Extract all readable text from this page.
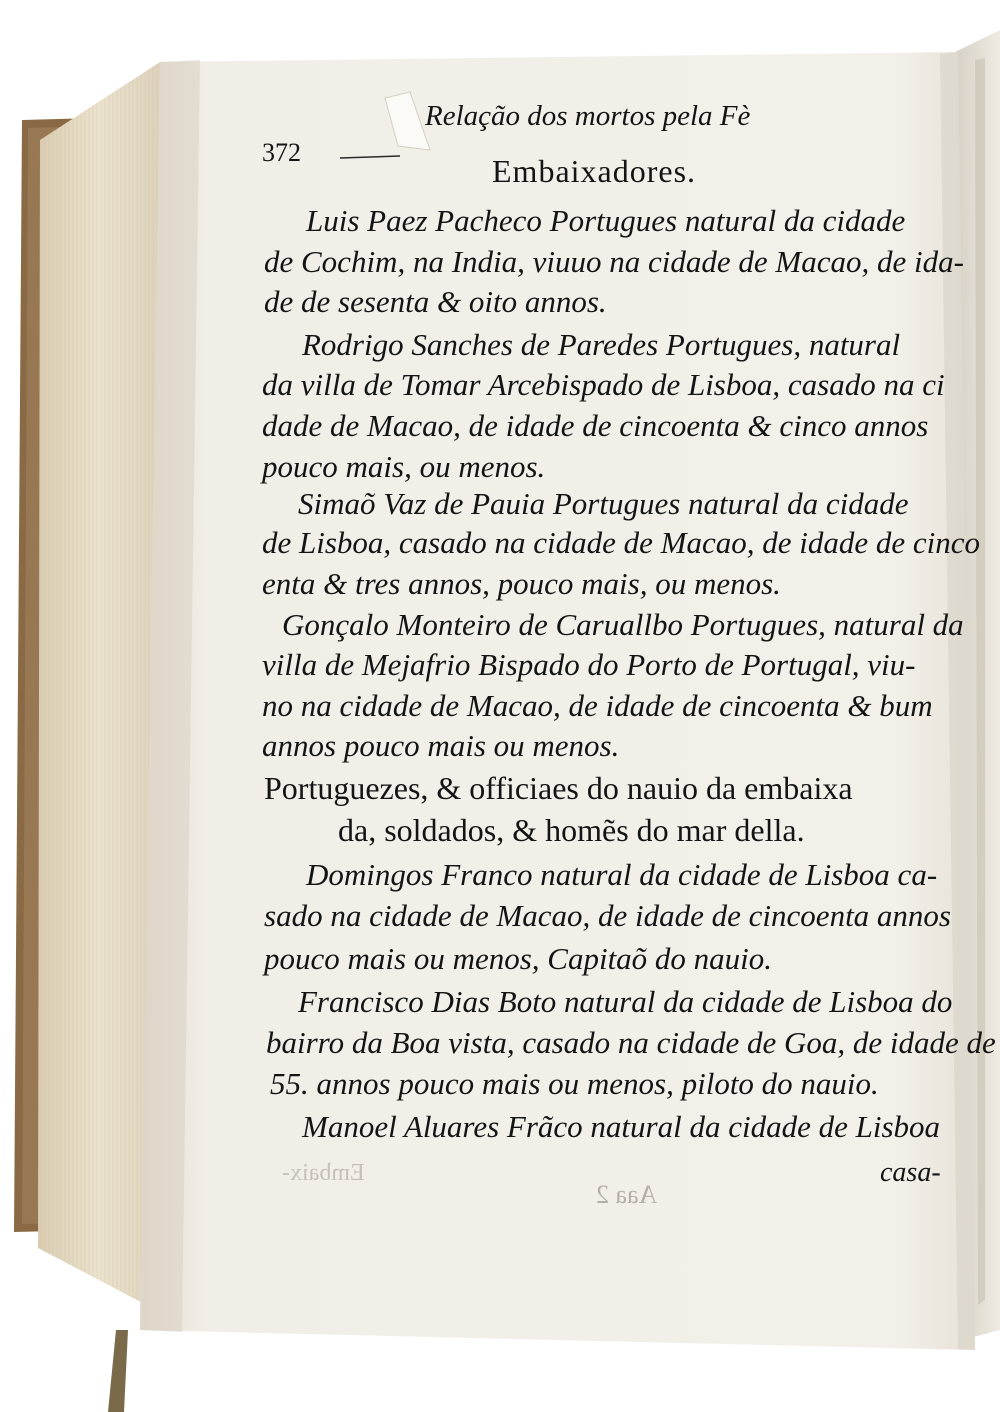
372
Relação dos mortos pela Fè
Embaixadores.
Luis Paez Pacheco Portugues natural da cidade
de Cochim, na India, viuuo na cidade de Macao, de ida-
de de sesenta & oito annos.
Rodrigo Sanches de Paredes Portugues, natural
da villa de Tomar Arcebispado de Lisboa, casado na ci
dade de Macao, de idade de cincoenta & cinco annos
pouco mais, ou menos.
Simaõ Vaz de Pauia Portugues natural da cidade
de Lisboa, casado na cidade de Macao, de idade de cinco
enta & tres annos, pouco mais, ou menos.
Gonçalo Monteiro de Caruallbo Portugues, natural da
villa de Mejafrio Bispado do Porto de Portugal, viu-
no na cidade de Macao, de idade de cincoenta & bum
annos pouco mais ou menos.
Portuguezes, & officiaes do nauio da embaixa
da, soldados, & homẽs do mar della.
Domingos Franco natural da cidade de Lisboa ca-
sado na cidade de Macao, de idade de cincoenta annos
pouco mais ou menos, Capitaõ do nauio.
Francisco Dias Boto natural da cidade de Lisboa do
bairro da Boa vista, casado na cidade de Goa, de idade de
55. annos pouco mais ou menos, piloto do nauio.
Manoel Aluares Frãco natural da cidade de Lisboa
casa-
Aaa 2
Embaix-
